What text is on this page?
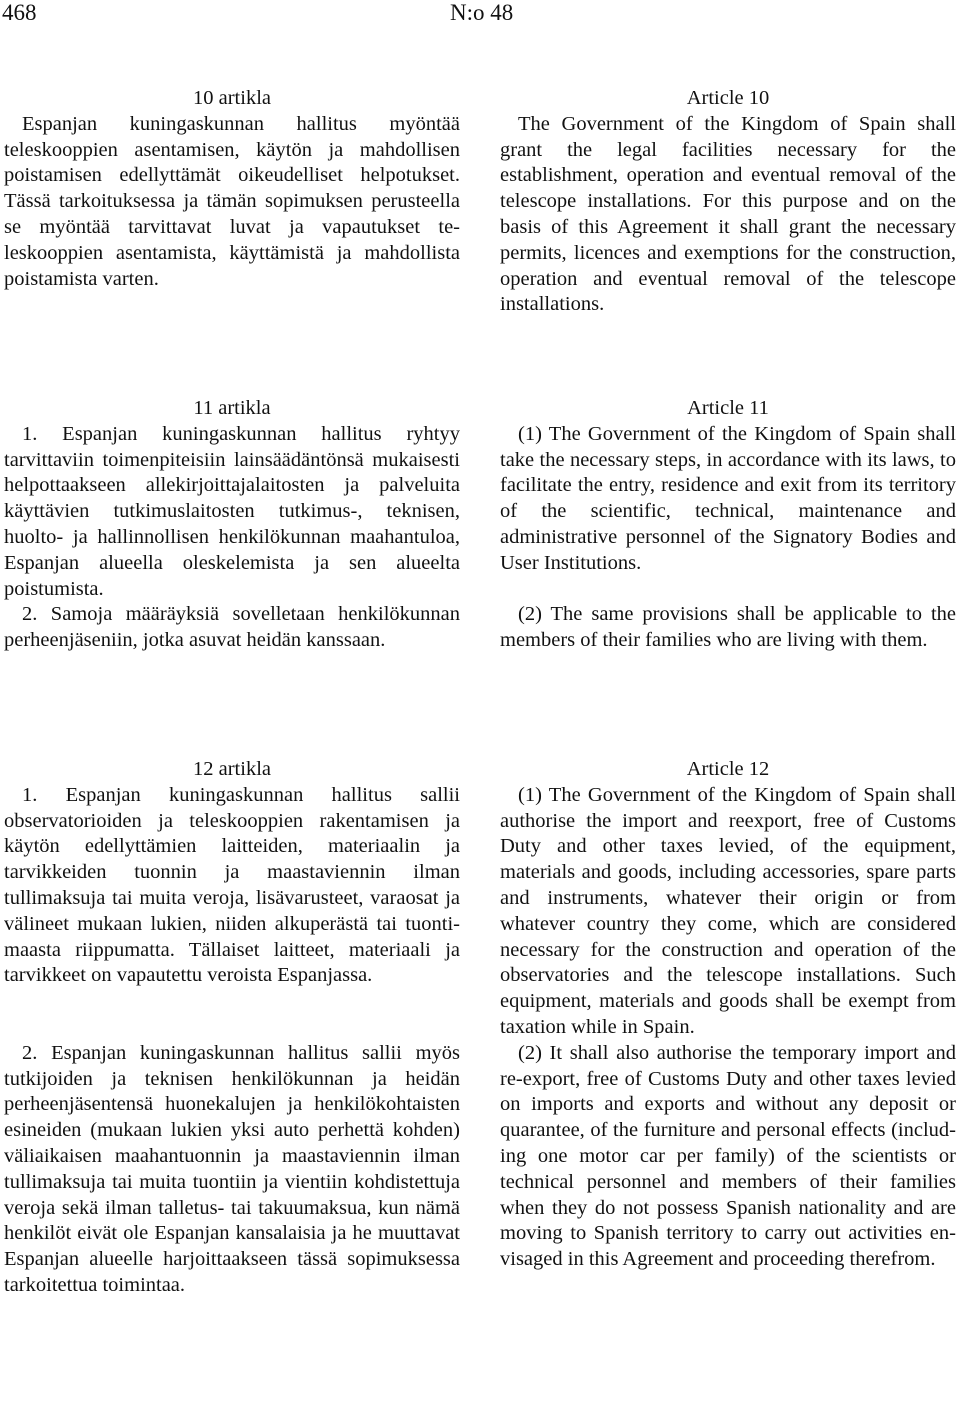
468	N:o 48
10 artikla
Espanjan kuningaskunnan hallitus myöntää teleskooppien asentamisen, käytön ja mahdollisen poistamisen edellyttämät oikeudelliset helpotukset. Tässä tarkoituksessa ja tämän sopimuksen perusteella se myöntää tarvittavat luvat ja vapautukset teleskooppien asentamista, käyttämistä ja mahdollista poistamista varten.
Article 10
The Government of the Kingdom of Spain shall grant the legal facilities necessary for the establishment, operation and eventual removal of the telescope installations. For this purpose and on the basis of this Agreement it shall grant the necessary permits, licences and exemptions for the construction, operation and eventual removal of the telescope installations.
11 artikla
1. Espanjan kuningaskunnan hallitus ryhtyy tarvittaviin toimenpiteisiin lainsäädäntönsä mukaisesti helpottaakseen allekirjoittajalaitosten ja palveluita käyttävien tutkimuslaitosten tutkimus-, teknisen, huolto- ja hallinnollisen henkilökunnan maahantuloa, Espanjan alueella oleskelemista ja sen alueelta poistumista.
2. Samoja määräyksiä sovelletaan henkilökunnan perheenjäseniin, jotka asuvat heidän kanssaan.
Article 11
(1) The Government of the Kingdom of Spain shall take the necessary steps, in accordance with its laws, to facilitate the entry, residence and exit from its territory of the scientific, technical, maintenance and administrative personnel of the Signatory Bodies and User Institutions.
(2) The same provisions shall be applicable to the members of their families who are living with them.
12 artikla
1. Espanjan kuningaskunnan hallitus sallii observatorioiden ja teleskooppien rakentamisen ja käytön edellyttämien laitteiden, materiaalin ja tarvikkeiden tuonnin ja maastaviennin ilman tullimaksuja tai muita veroja, lisävarusteet, varaosat ja välineet mukaan lukien, niiden alkuperästä tai tuontimaasta riippumatta. Tällaiset laitteet, materiaali ja tarvikkeet on vapautettu veroista Espanjassa.
2. Espanjan kuningaskunnan hallitus sallii myös tutkijoiden ja teknisen henkilökunnan ja heidän perheenjäsentensä huonekalujen ja henkilökohtaisten esineiden (mukaan lukien yksi auto perhettä kohden) väliaikaisen maahantuonnin ja maastaviennin ilman tullimaksuja tai muita tuontiin ja vientiin kohdistettuja veroja sekä ilman talletus- tai takuumaksua, kun nämä henkilöt eivät ole Espanjan kansalaisia ja he muuttavat Espanjan alueelle harjoittaakseen tässä sopimuksessa tarkoitettua toimintaa.
Article 12
(1) The Government of the Kingdom of Spain shall authorise the import and reexport, free of Customs Duty and other taxes levied, of the equipment, materials and goods, including accessories, spare parts and instruments, whatever their origin or from whatever country they come, which are considered necessary for the construction and operation of the observatories and the telescope installations. Such equipment, materials and goods shall be exempt from taxation while in Spain.
(2) It shall also authorise the temporary import and re-export, free of Customs Duty and other taxes levied on imports and exports and without any deposit or quarantee, of the furniture and personal effects (including one motor car per family) of the scientists or technical personnel and members of their families when they do not possess Spanish nationality and are moving to Spanish territory to carry out activities envisaged in this Agreement and proceeding therefrom.
